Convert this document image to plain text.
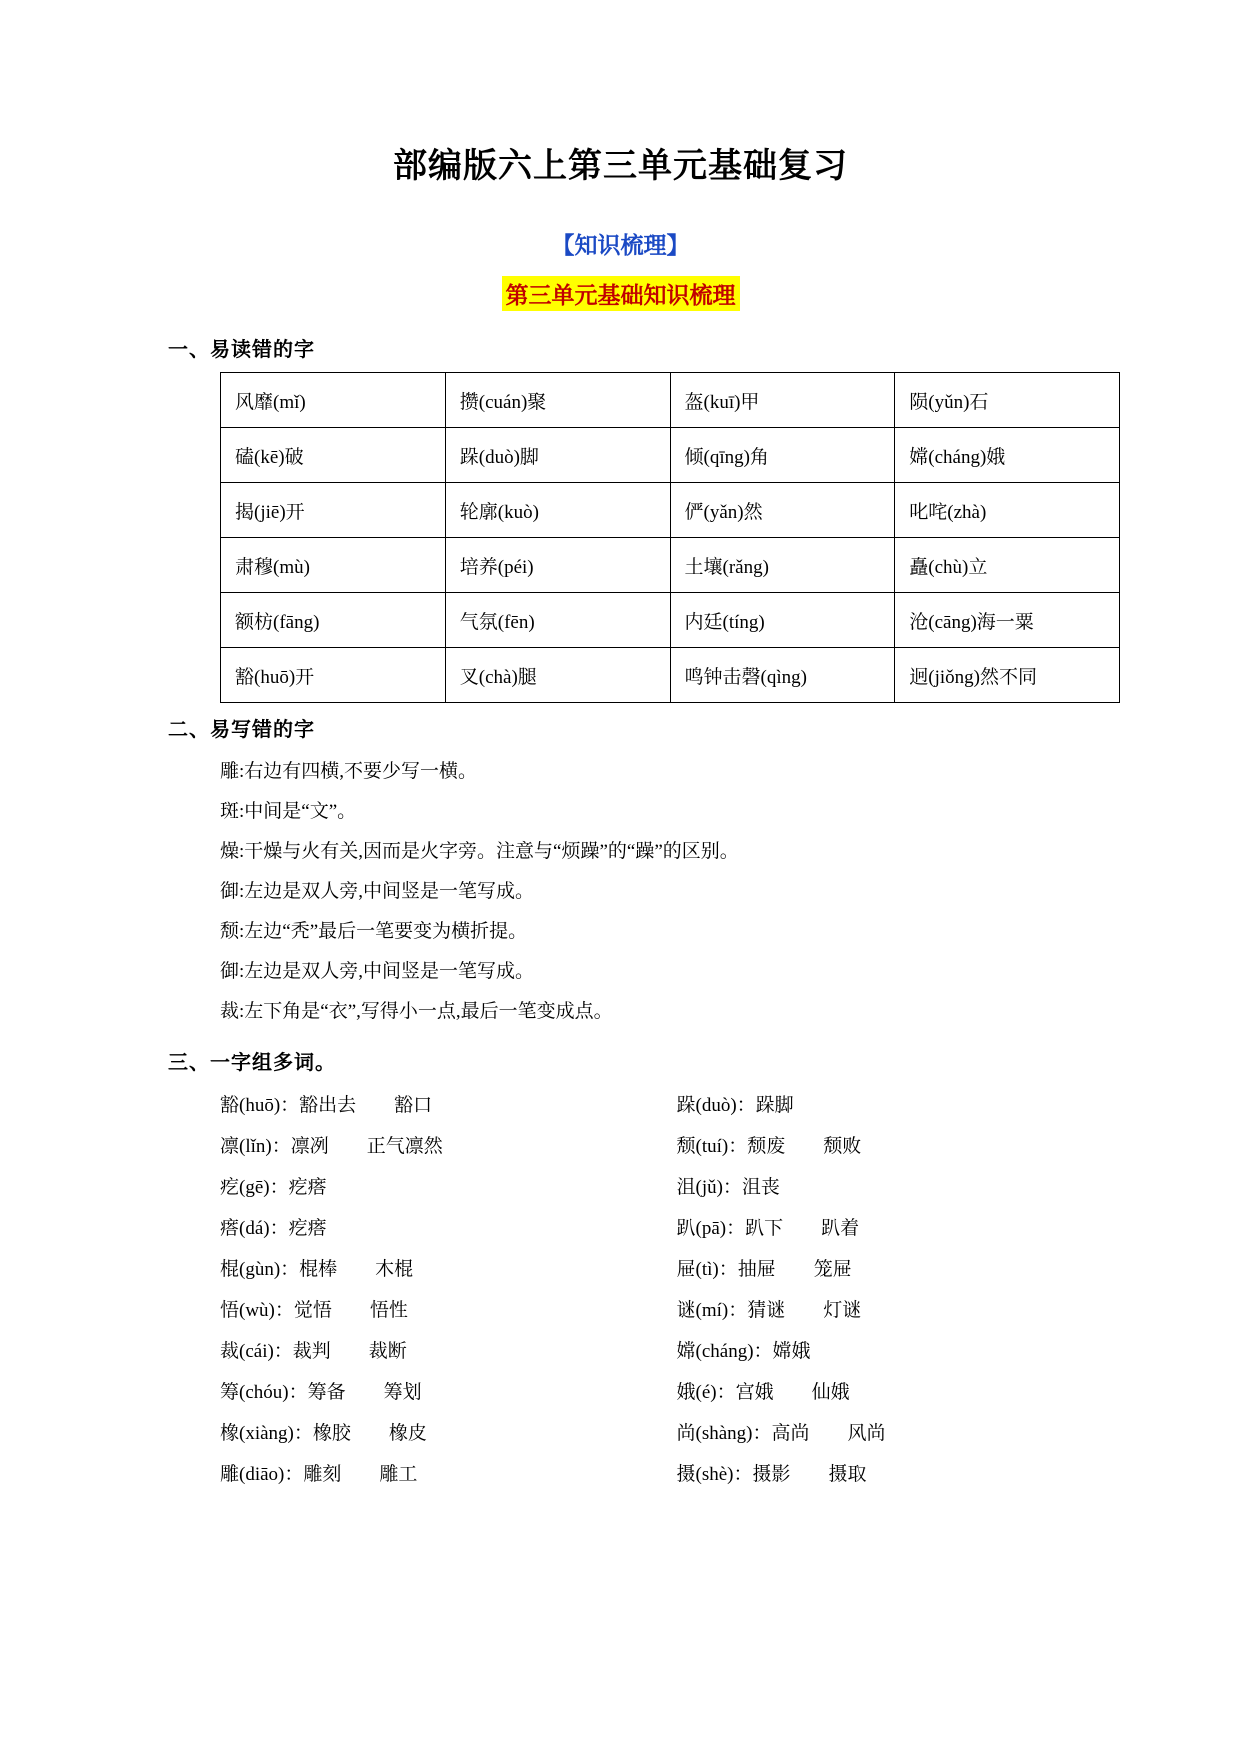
部编版六上第三单元基础复习
【知识梳理】
第三单元基础知识梳理
一、易读错的字
风靡(mǐ)	攒(cuán)聚	盔(kuī)甲	陨(yǔn)石
磕(kē)破	跺(duò)脚	倾(qīng)角	嫦(cháng)娥
揭(jiē)开	轮廓(kuò)	俨(yǎn)然	叱咤(zhà)
肃穆(mù)	培养(péi)	土壤(rǎng)	矗(chù)立
额枋(fāng)	气氛(fēn)	内廷(tíng)	沧(cāng)海一粟
豁(huō)开	叉(chà)腿	鸣钟击磬(qìng)	迥(jiǒng)然不同
二、易写错的字
雕:右边有四横,不要少写一横。
斑:中间是“文”。
燥:干燥与火有关,因而是火字旁。注意与“烦躁”的“躁”的区别。
御:左边是双人旁,中间竖是一笔写成。
颓:左边“秃”最后一笔要变为横折提。
御:左边是双人旁,中间竖是一笔写成。
裁:左下角是“衣”,写得小一点,最后一笔变成点。
三、一字组多词。
豁(huō)：豁出去　　豁口
凛(lǐn)：凛冽　　正气凛然
疙(gē)：疙瘩
瘩(dá)：疙瘩
棍(gùn)：棍棒　　木棍
悟(wù)：觉悟　　悟性
裁(cái)：裁判　　裁断
筹(chóu)：筹备　　筹划
橡(xiàng)：橡胶　　橡皮
雕(diāo)：雕刻　　雕工
跺(duò)：跺脚
颓(tuí)：颓废　　颓败
沮(jǔ)：沮丧
趴(pā)：趴下　　趴着
屉(tì)：抽屉　　笼屉
谜(mí)：猜谜　　灯谜
嫦(cháng)：嫦娥
娥(é)：宫娥　　仙娥
尚(shàng)：高尚　　风尚
摄(shè)：摄影　　摄取
